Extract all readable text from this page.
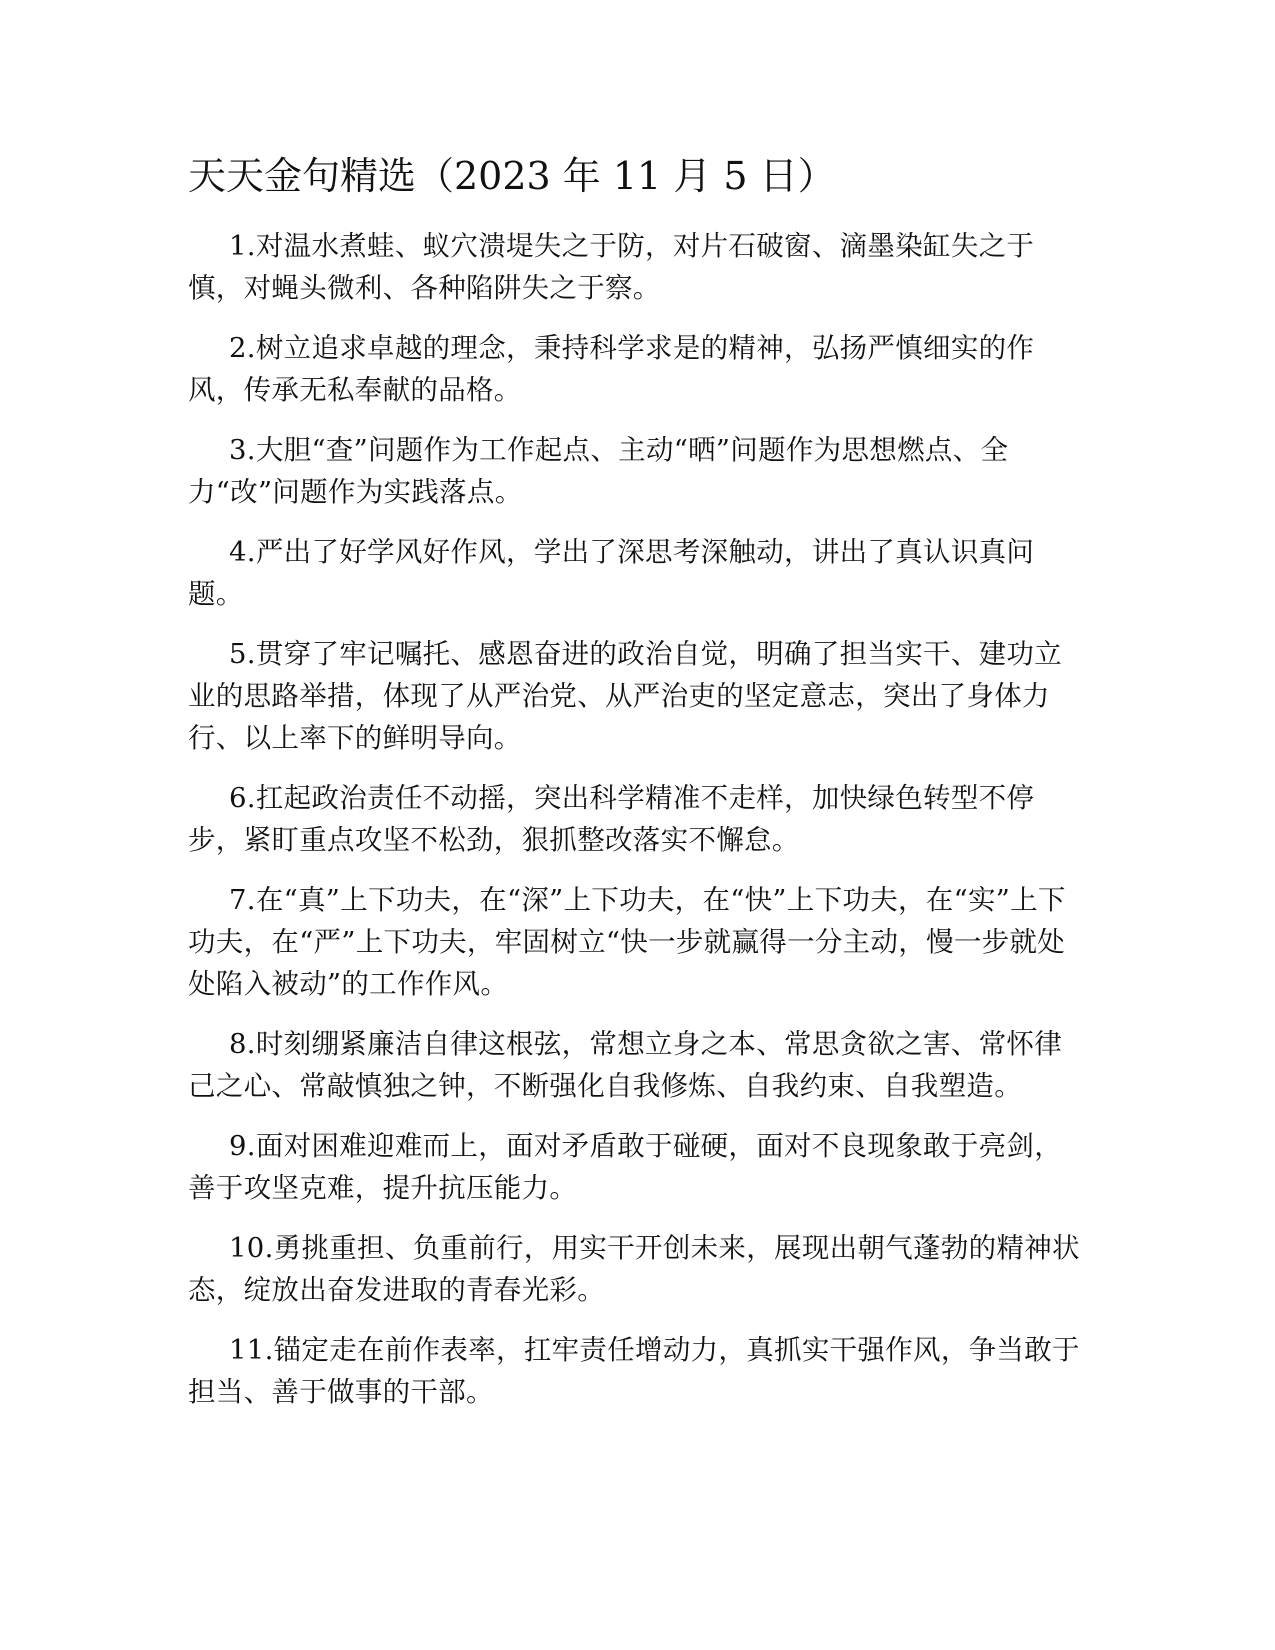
天天金句精选（2023 年 11 月 5 日）

1.对温水煮蛙、蚁穴溃堤失之于防，对片石破窗、滴墨染缸失之于慎，对蝇头微利、各种陷阱失之于察。

2.树立追求卓越的理念，秉持科学求是的精神，弘扬严慎细实的作风，传承无私奉献的品格。

3.大胆“查”问题作为工作起点、主动“晒”问题作为思想燃点、全力“改”问题作为实践落点。

4.严出了好学风好作风，学出了深思考深触动，讲出了真认识真问题。

5.贯穿了牢记嘱托、感恩奋进的政治自觉，明确了担当实干、建功立业的思路举措，体现了从严治党、从严治吏的坚定意志，突出了身体力行、以上率下的鲜明导向。

6.扛起政治责任不动摇，突出科学精准不走样，加快绿色转型不停步，紧盯重点攻坚不松劲，狠抓整改落实不懈怠。

7.在“真”上下功夫，在“深”上下功夫，在“快”上下功夫，在“实”上下功夫，在“严”上下功夫，牢固树立“快一步就赢得一分主动，慢一步就处处陷入被动”的工作作风。

8.时刻绷紧廉洁自律这根弦，常想立身之本、常思贪欲之害、常怀律己之心、常敲慎独之钟，不断强化自我修炼、自我约束、自我塑造。

9.面对困难迎难而上，面对矛盾敢于碰硬，面对不良现象敢于亮剑，善于攻坚克难，提升抗压能力。

10.勇挑重担、负重前行，用实干开创未来，展现出朝气蓬勃的精神状态，绽放出奋发进取的青春光彩。

11.锚定走在前作表率，扛牢责任增动力，真抓实干强作风，争当敢于担当、善于做事的干部。
